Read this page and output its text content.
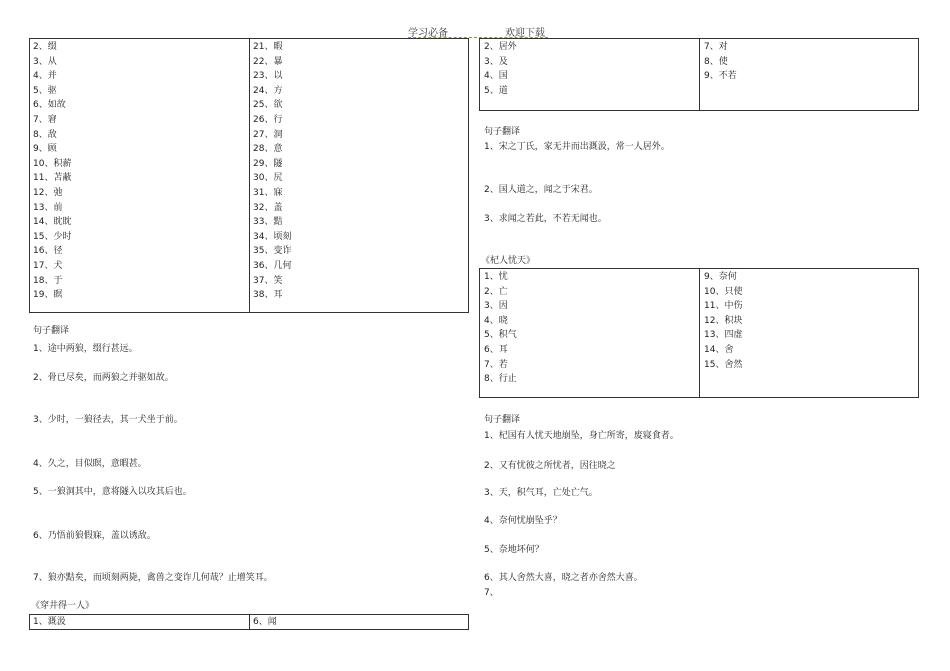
学习必备	欢迎下载
2、缀
3、从
4、并
5、驱
6、如故
7、窘
8、敌
9、顾
10、积薪
11、苫蔽
12、弛
13、前
14、眈眈
15、少时
16、径
17、犬
18、于
19、瞑
21、暇
22、暴
23、以
24、方
25、欲
26、行
27、洞
28、意
29、隧
30、尻
31、寐
32、盖
33、黠
34、顷刻
35、变诈
36、几何
37、笑
38、耳
句子翻译
1、途中两狼，缀行甚远。
2、骨已尽矣，而两狼之并驱如故。
3、少时，一狼径去，其一犬坐于前。
4、久之，目似瞑，意暇甚。
5、一狼洞其中，意将隧入以攻其后也。
6、乃悟前狼假寐，盖以诱敌。
7、狼亦黠矣，而顷刻两毙，禽兽之变诈几何哉？止增笑耳。
《穿井得一人》
1、溉汲	6、闻
2、居外
3、及
4、国
5、道
7、对
8、使
9、不若
句子翻译
1、宋之丁氏，家无井而出溉汲，常一人居外。
2、国人道之，闻之于宋君。
3、求闻之若此，不若无闻也。
《杞人忧天》
1、忧
2、亡
3、因
4、晓
5、积气
6、耳
7、若
8、行止
9、奈何
10、只使
11、中伤
12、积块
13、四虚
14、舍
15、舍然
句子翻译
1、杞国有人忧天地崩坠，身亡所寄，废寝食者。
2、又有忧彼之所忧者，因往晓之
3、天，积气耳，亡处亡气。
4、奈何忧崩坠乎？
5、奈地坏何？
6、其人舍然大喜，晓之者亦舍然大喜。
7、
